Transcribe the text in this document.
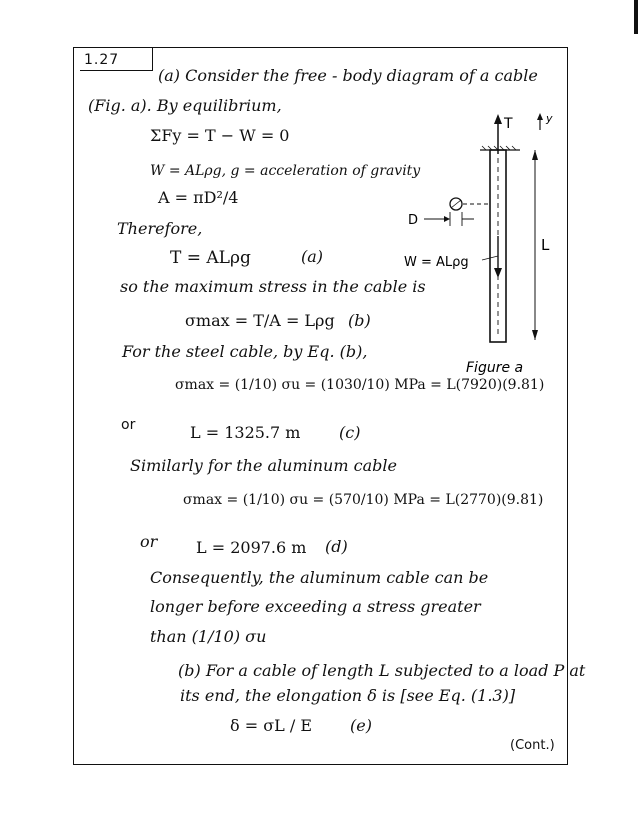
1.27
(a) Consider the free - body diagram of a cable
(Fig. a). By equilibrium,
ΣFy = T − W = 0
W = ALρg, g = acceleration of gravity
A = πD²/4
Therefore,
T = ALρg	(a)
so the maximum stress in the cable is
σmax = T/A = Lρg (b)
For the steel cable, by Eq. (b),
σmax = (1/10) σu = (1030/10) MPa = L(7920)(9.81)
or	L = 1325.7 m (c)
Similarly for the aluminum cable
σmax = (1/10) σu = (570/10) MPa = L(2770)(9.81)
or L = 2097.6 m (d)
Consequently, the aluminum cable can be
longer before exceeding a stress greater
than (1/10) σu
(b) For a cable of length L subjected to a load P at
its end, the elongation δ is [see Eq. (1.3)]
δ = σL / E (e)
(Cont.)
T	y
D
W = ALρg
L
Figure a
